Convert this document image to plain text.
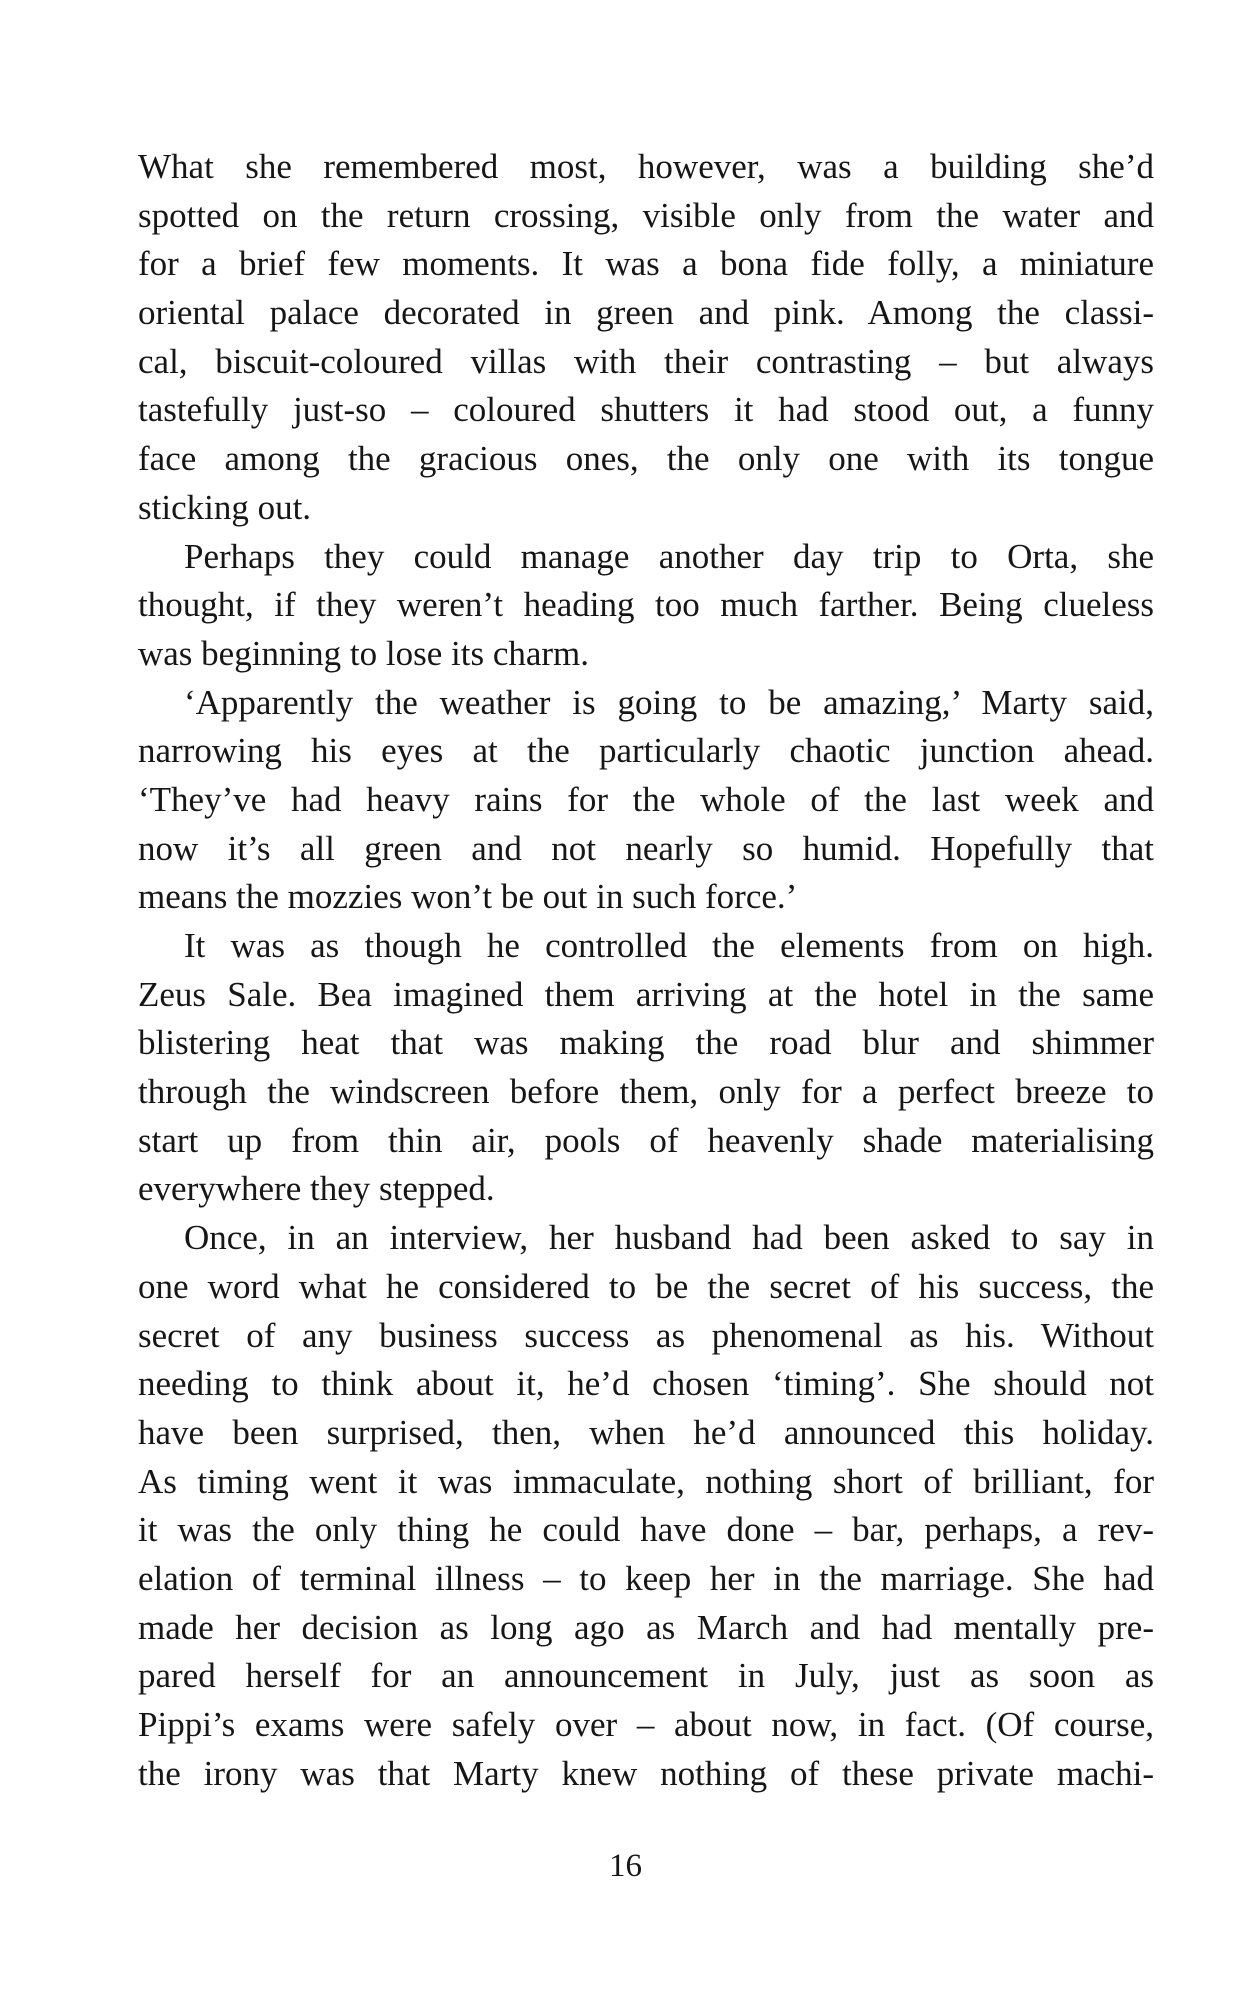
What she remembered most, however, was a building she’d
spotted on the return crossing, visible only from the water and
for a brief few moments. It was a bona fide folly, a miniature
oriental palace decorated in green and pink. Among the classi-
cal, biscuit-coloured villas with their contrasting – but always
tastefully just-so – coloured shutters it had stood out, a funny
face among the gracious ones, the only one with its tongue
sticking out.
Perhaps they could manage another day trip to Orta, she
thought, if they weren’t heading too much farther. Being clueless
was beginning to lose its charm.
‘Apparently the weather is going to be amazing,’ Marty said,
narrowing his eyes at the particularly chaotic junction ahead.
‘They’ve had heavy rains for the whole of the last week and
now it’s all green and not nearly so humid. Hopefully that
means the mozzies won’t be out in such force.’
It was as though he controlled the elements from on high.
Zeus Sale. Bea imagined them arriving at the hotel in the same
blistering heat that was making the road blur and shimmer
through the windscreen before them, only for a perfect breeze to
start up from thin air, pools of heavenly shade materialising
everywhere they stepped.
Once, in an interview, her husband had been asked to say in
one word what he considered to be the secret of his success, the
secret of any business success as phenomenal as his. Without
needing to think about it, he’d chosen ‘timing’. She should not
have been surprised, then, when he’d announced this holiday.
As timing went it was immaculate, nothing short of brilliant, for
it was the only thing he could have done – bar, perhaps, a rev-
elation of terminal illness – to keep her in the marriage. She had
made her decision as long ago as March and had mentally pre-
pared herself for an announcement in July, just as soon as
Pippi’s exams were safely over – about now, in fact. (Of course,
the irony was that Marty knew nothing of these private machi-
16
